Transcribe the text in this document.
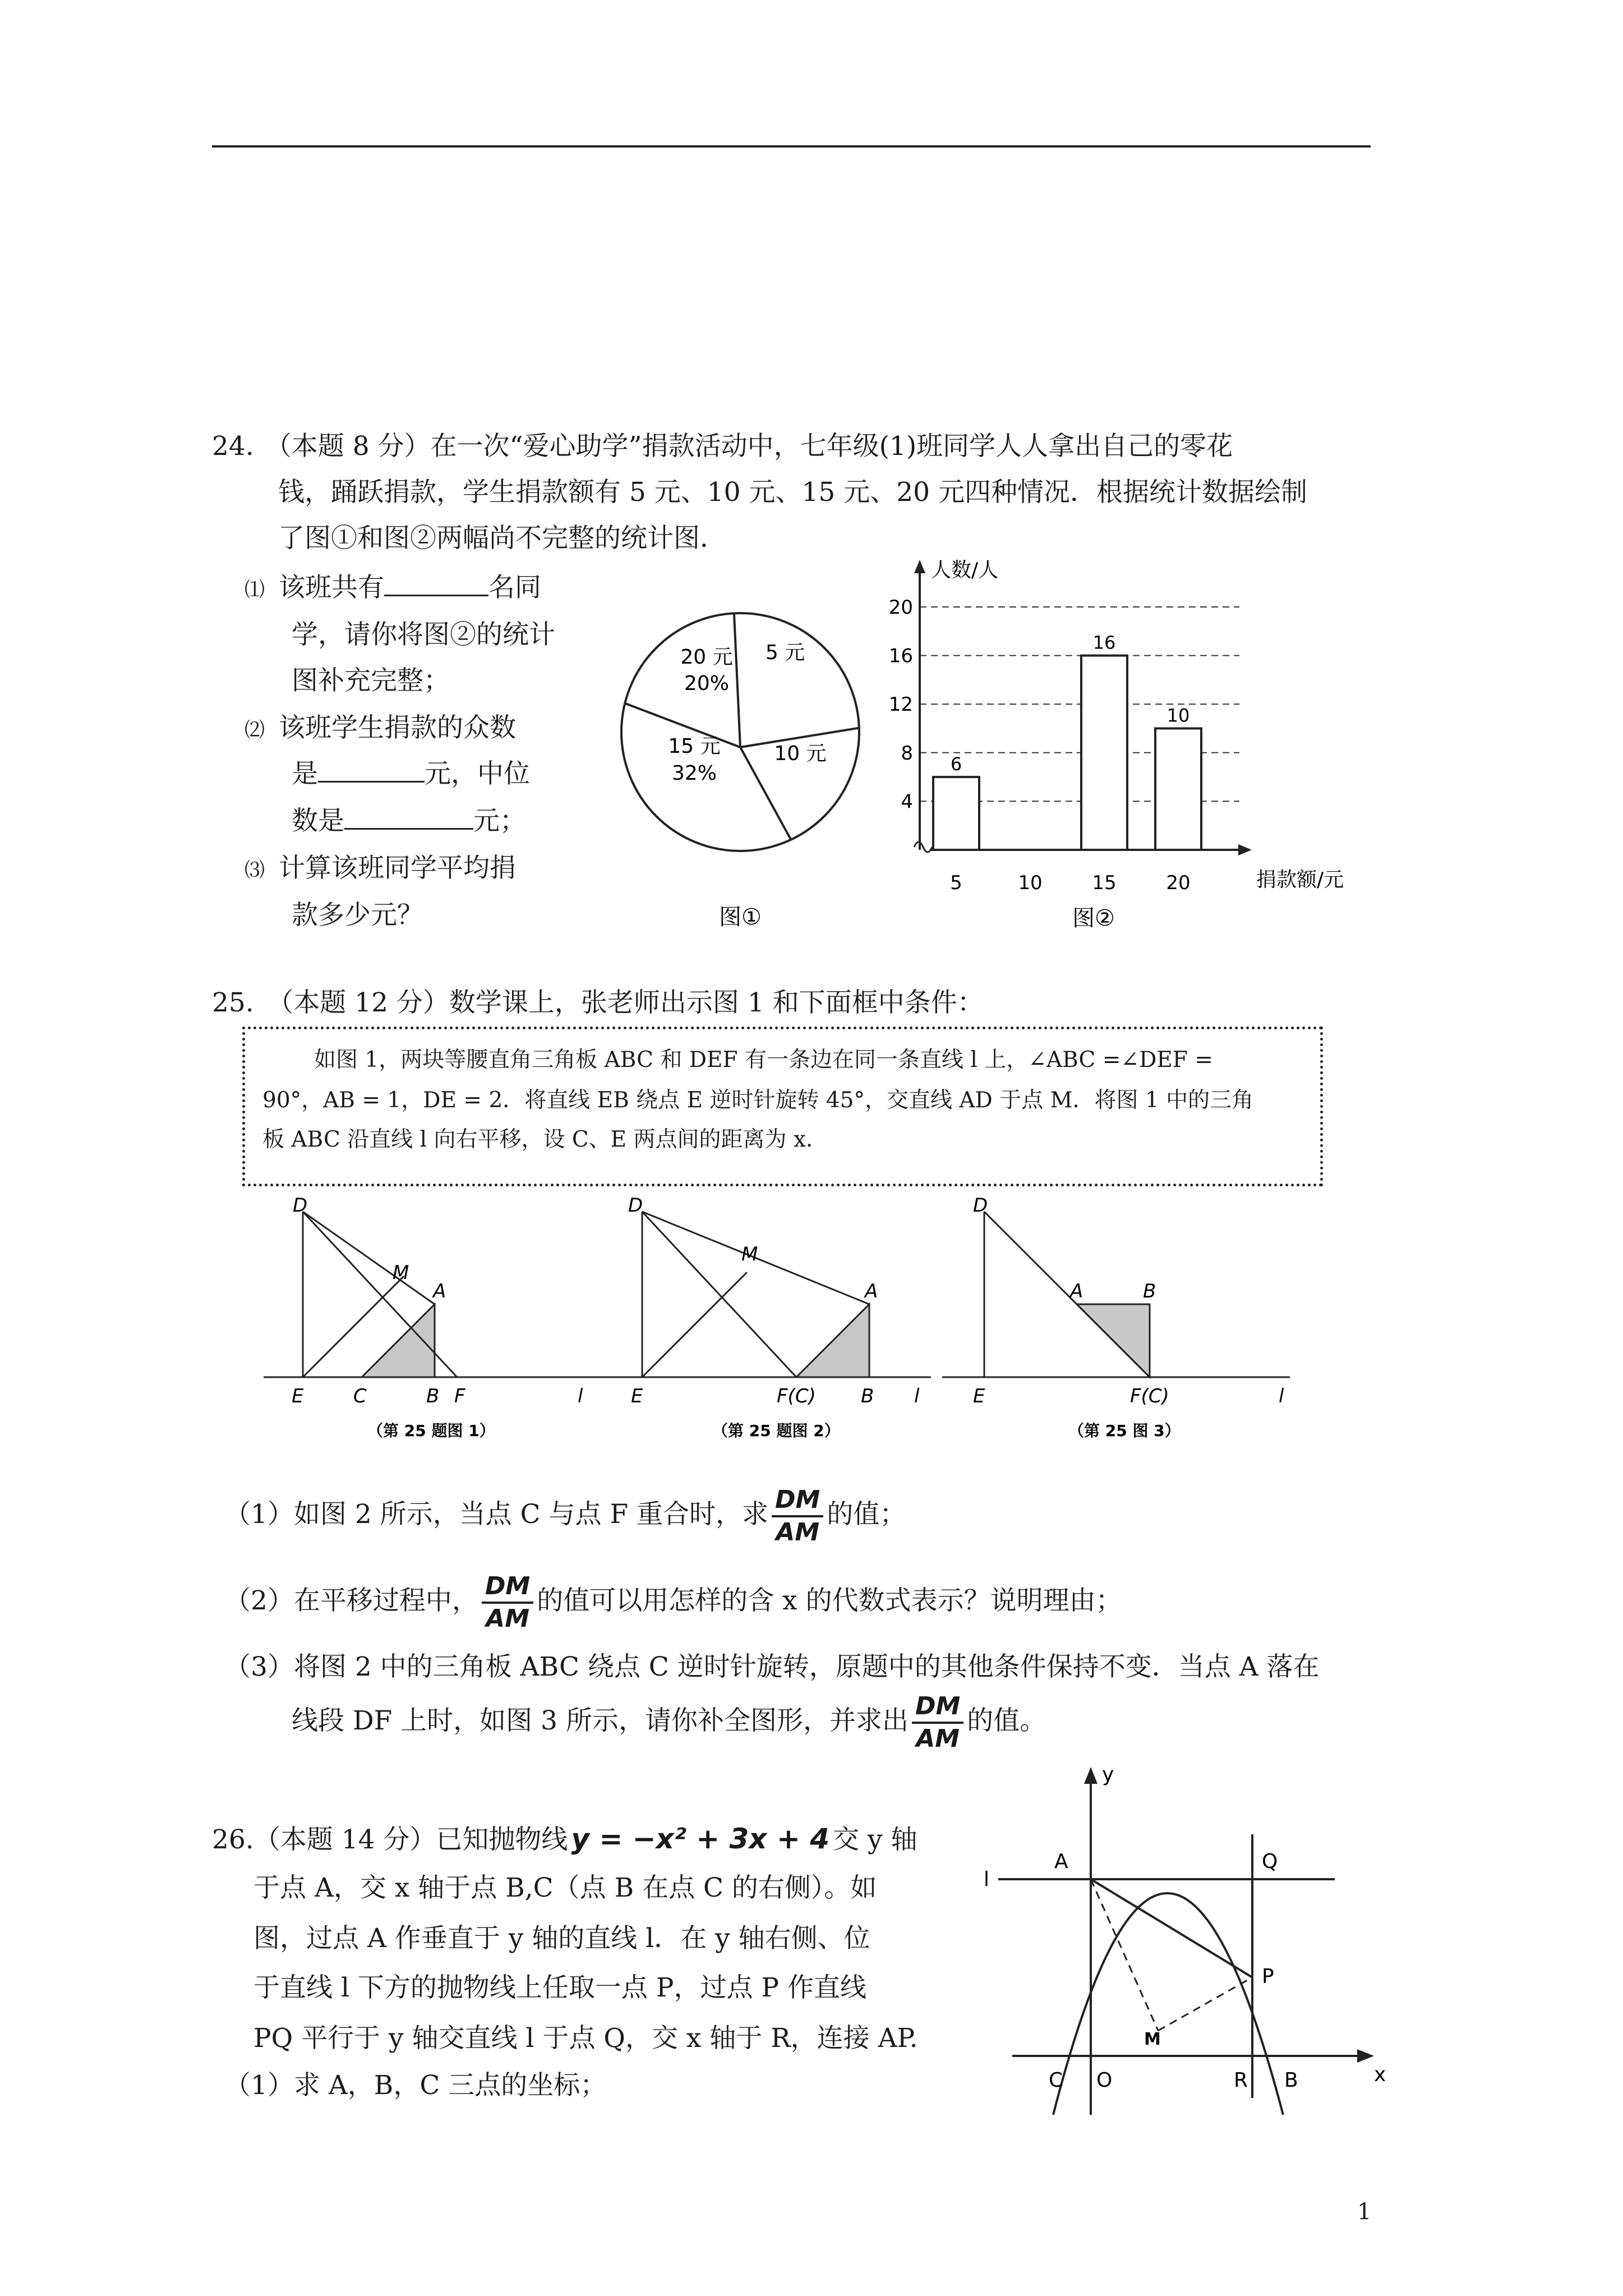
24. （本题 8 分）在一次“爱心助学”捐款活动中，七年级(1)班同学人人拿出自己的零花
钱，踊跃捐款，学生捐款额有 5 元、10 元、15 元、20 元四种情况．根据统计数据绘制
了图①和图②两幅尚不完整的统计图．
⑴ 该班共有	名同
学，请你将图②的统计
图补充完整；
⑵ 该班学生捐款的众数
是	元，中位
数是	元；
⑶ 计算该班同学平均捐
款多少元？
20 元
20%
5 元
10 元
15 元
32%
图①
人数/人
捐款额/元
4
8
12
16
20
5	10	15	20
6
16
10
图②
25.　（本题 12 分）数学课上，张老师出示图 1 和下面框中条件：
如图 1，两块等腰直角三角板 ABC 和 DEF 有一条边在同一条直线 l 上，∠ABC =∠DEF =
90°，AB = 1，DE = 2．将直线 EB 绕点 E 逆时针旋转 45°，交直线 AD 于点 M．将图 1 中的三角
板 ABC 沿直线 l 向右平移，设 C、E 两点间的距离为 x．
D
M
A
E	C	B F	l
（第 25 题图 1）
D
M
A
E	F(C) B l
（第 25 题图 2）
D
A	B
E	F(C)	l
（第 25 图 3）
（1）如图 2 所示，当点 C 与点 F 重合时，求 $\frac{DM}{AM}$ 的值；
（2）在平移过程中， $\frac{DM}{AM}$ 的值可以用怎样的含 x 的代数式表示？说明理由；
（3）将图 2 中的三角板 ABC 绕点 C 逆时针旋转，原题中的其他条件保持不变．当点 A 落在
线段 DF 上时，如图 3 所示，请你补全图形，并求出 $\frac{DM}{AM}$ 的值。
26.（本题 14 分）已知抛物线 y = −x² + 3x + 4 交 y 轴
于点 A，交 x 轴于点 B,C（点 B 在点 C 的右侧）。如
图，过点 A 作垂直于 y 轴的直线 l．在 y 轴右侧、位
于直线 l 下方的抛物线上任取一点 P，过点 P 作直线
PQ 平行于 y 轴交直线 l 于点 Q，交 x 轴于 R，连接 AP.
（1）求 A，B，C 三点的坐标；
y
x
A	Q
P
M
C O	R B
l
1
